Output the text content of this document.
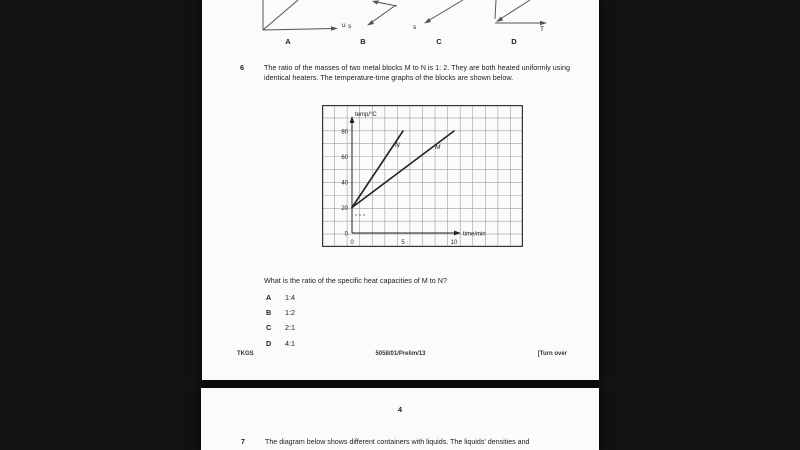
u s	s	T
A	B	C	D
6	The ratio of the masses of two metal blocks M to N is 1: 2. They are both heated uniformly using identical heaters. The temperature-time graphs of the blocks are shown below.
temp/°C
time/min
80
60
40
20
0
0	5	10
N	M
What is the ratio of the specific heat capacities of M to N?
A	1:4
B	1:2
C	2:1
D	4:1
TKGS	5058/01/Prelim/13	[Turn over
4
7	The diagram below shows different containers with liquids. The liquids' densities and
